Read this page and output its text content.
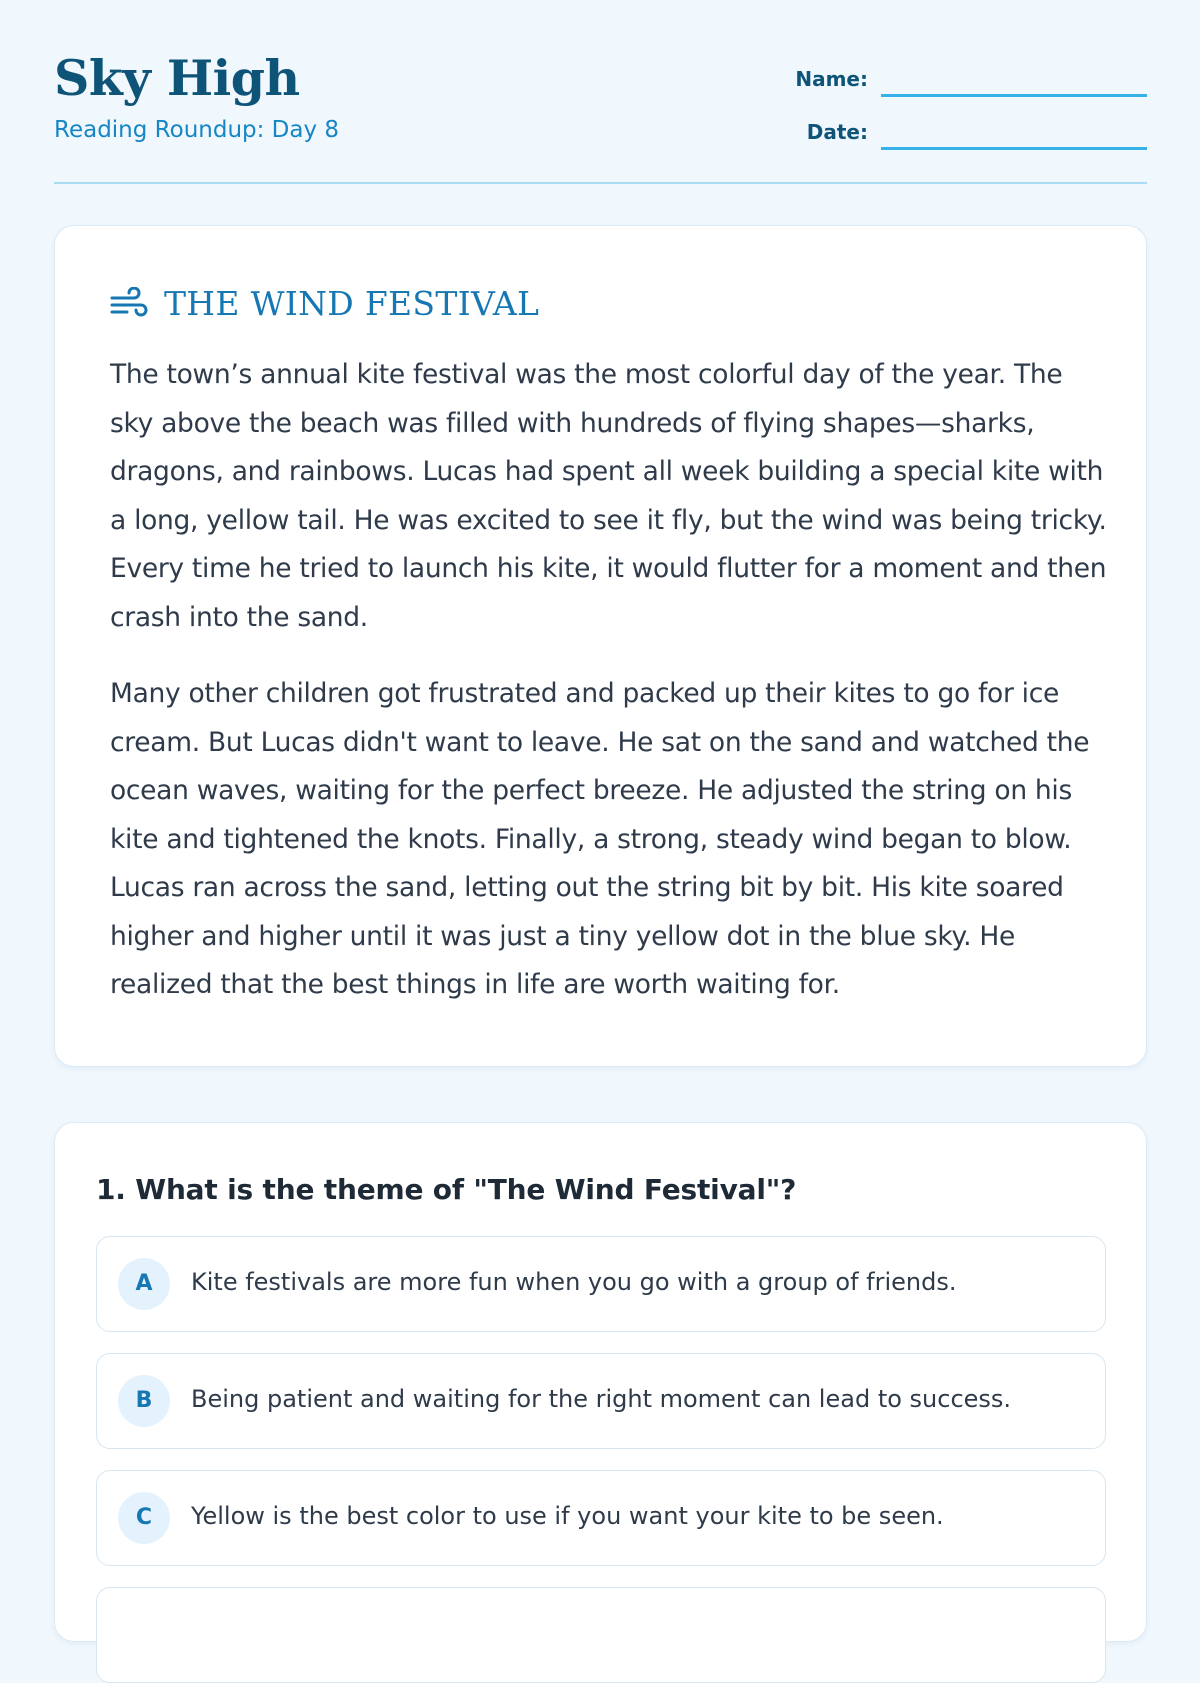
Sky High
Reading Roundup: Day 8
Name:
Date:
THE WIND FESTIVAL

The town’s annual kite festival was the most colorful day of the year. The sky above the beach was filled with hundreds of flying shapes—sharks, dragons, and rainbows. Lucas had spent all week building a special kite with a long, yellow tail. He was excited to see it fly, but the wind was being tricky. Every time he tried to launch his kite, it would flutter for a moment and then crash into the sand.

Many other children got frustrated and packed up their kites to go for ice cream. But Lucas didn't want to leave. He sat on the sand and watched the ocean waves, waiting for the perfect breeze. He adjusted the string on his kite and tightened the knots. Finally, a strong, steady wind began to blow. Lucas ran across the sand, letting out the string bit by bit. His kite soared higher and higher until it was just a tiny yellow dot in the blue sky. He realized that the best things in life are worth waiting for.

1. What is the theme of "The Wind Festival"?
A	Kite festivals are more fun when you go with a group of friends.
B	Being patient and waiting for the right moment can lead to success.
C	Yellow is the best color to use if you want your kite to be seen.
